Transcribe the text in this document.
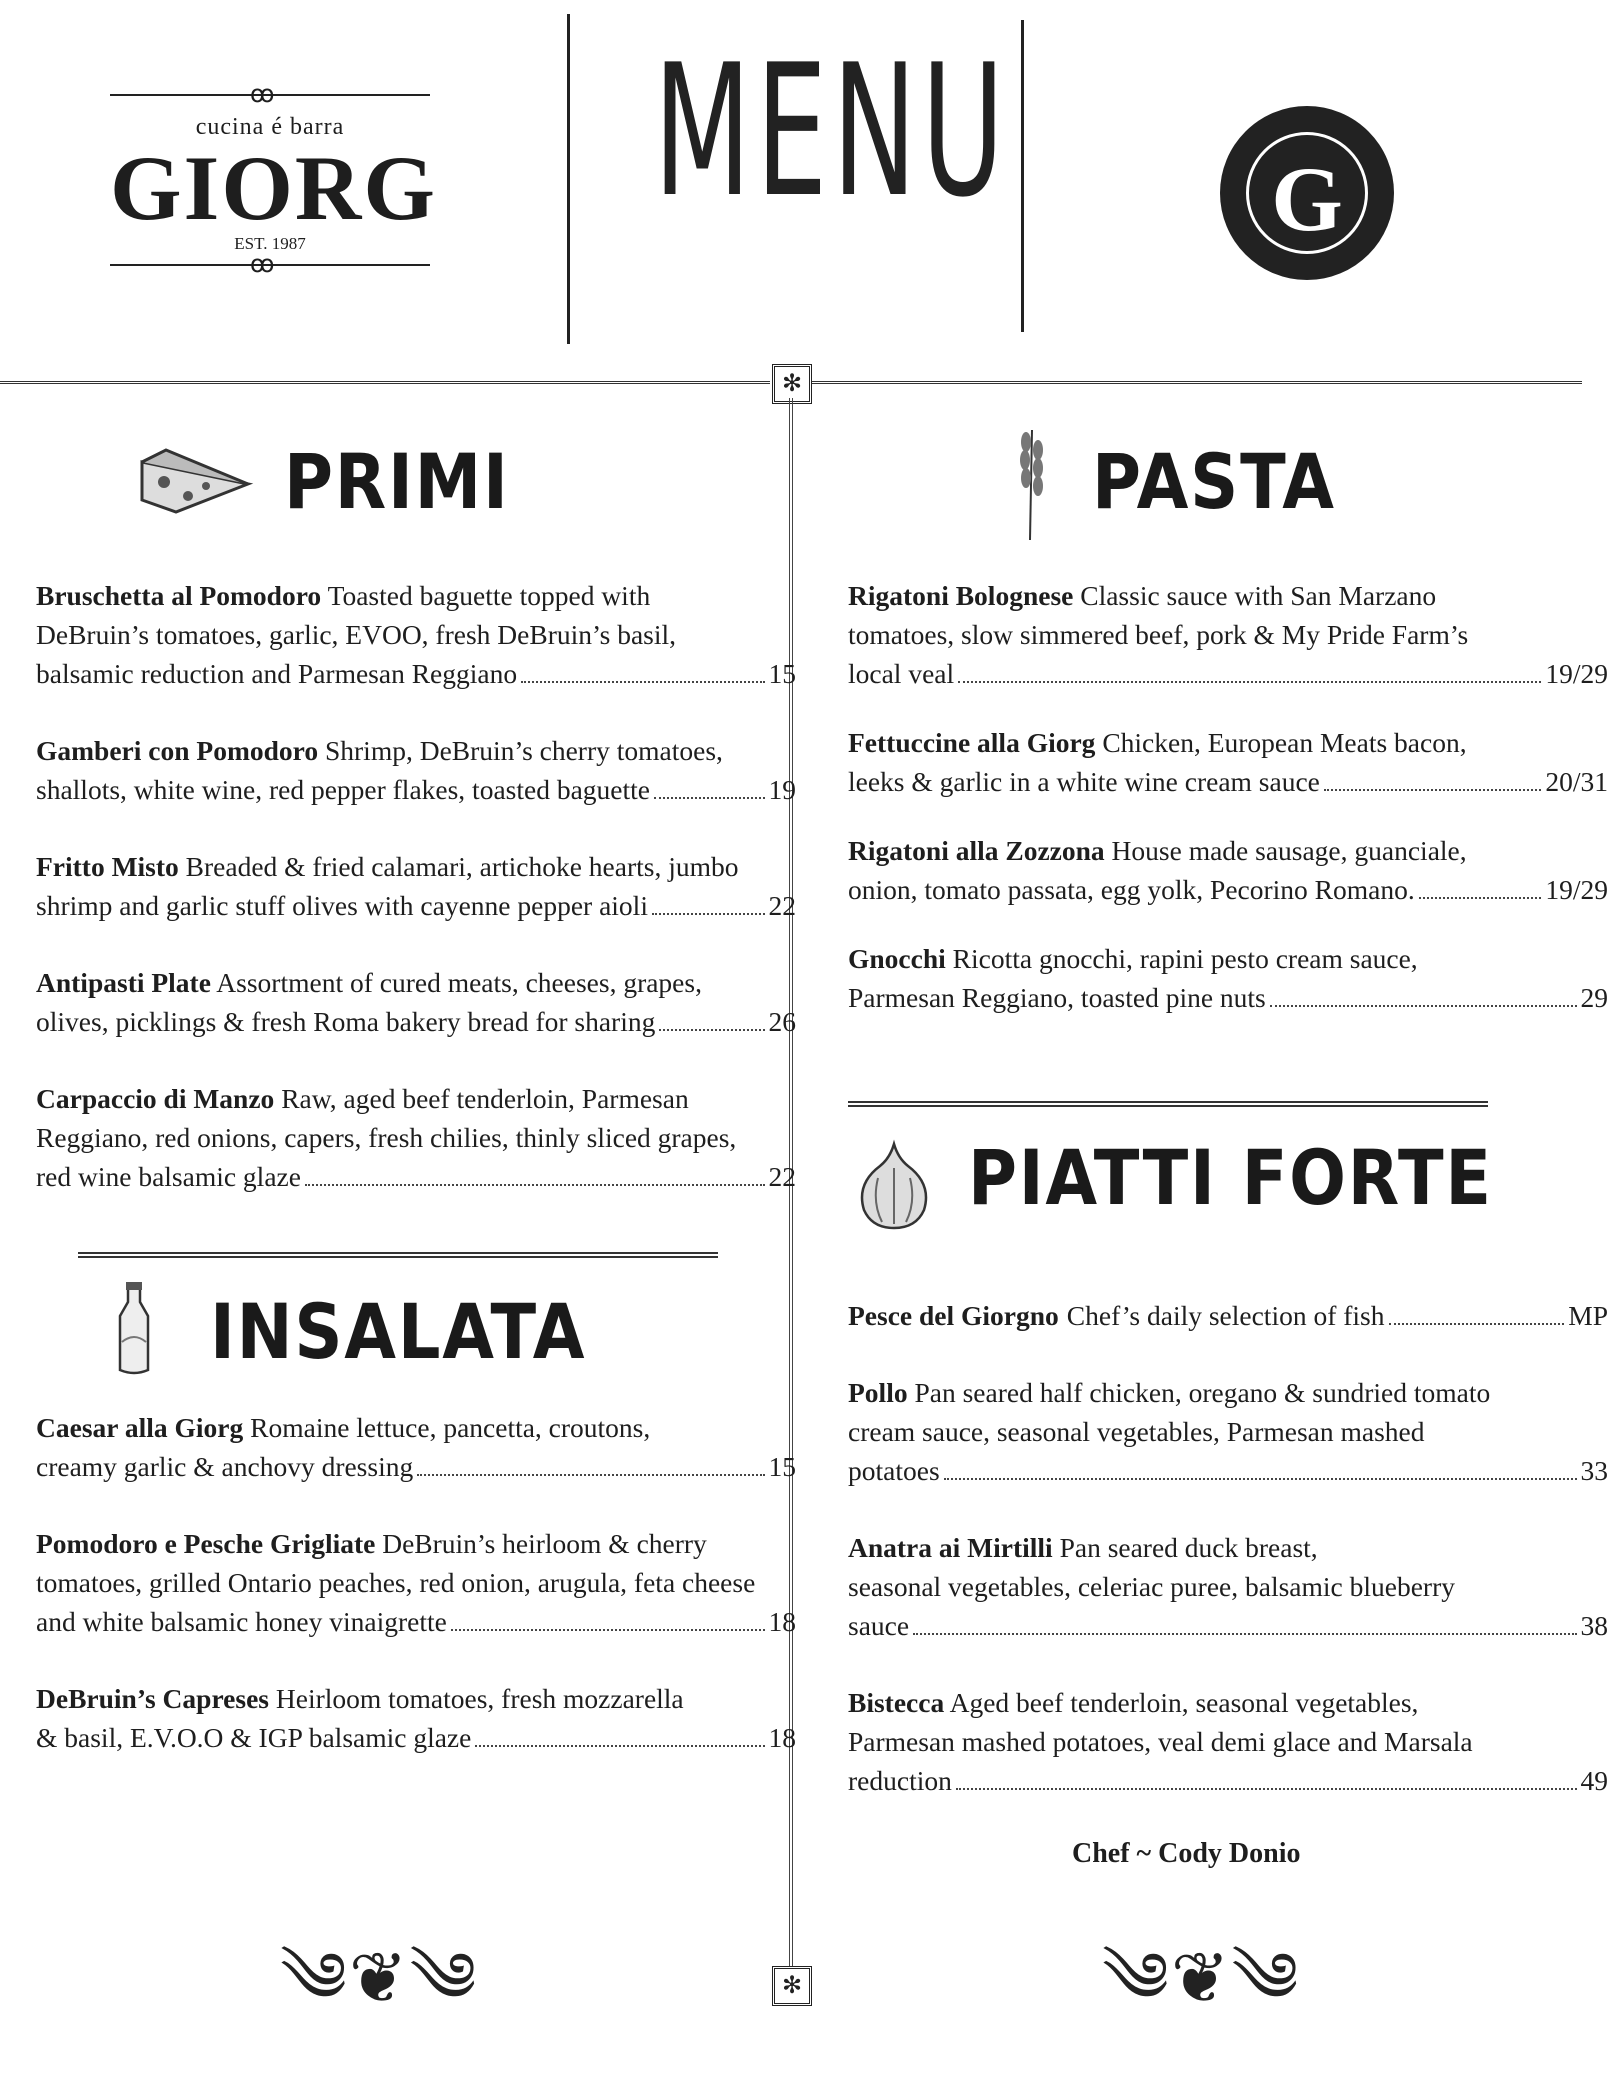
ꝏ
cucina é barra
GIORG
EST. 1987
ꝏ
MENU	G
✻
✻
PRIMI	PASTA
Bruschetta al Pomodoro Toasted baguette topped with
DeBruin’s tomatoes, garlic, EVOO, fresh DeBruin’s basil,
balsamic reduction and Parmesan Reggiano	15
Gamberi con Pomodoro Shrimp, DeBruin’s cherry tomatoes,
shallots, white wine, red pepper flakes, toasted baguette	19
Fritto Misto Breaded & fried calamari, artichoke hearts, jumbo
shrimp and garlic stuff olives with cayenne pepper aioli	22
Antipasti Plate Assortment of cured meats, cheeses, grapes,
olives, picklings & fresh Roma bakery bread for sharing	26
Carpaccio di Manzo Raw, aged beef tenderloin, Parmesan
Reggiano, red onions, capers, fresh chilies, thinly sliced grapes,
red wine balsamic glaze	22
INSALATA
Caesar alla Giorg Romaine lettuce, pancetta, croutons,
creamy garlic & anchovy dressing	15
Pomodoro e Pesche Grigliate DeBruin’s heirloom & cherry
tomatoes, grilled Ontario peaches, red onion, arugula, feta cheese
and white balsamic honey vinaigrette	18
DeBruin’s Capreses Heirloom tomatoes, fresh mozzarella
& basil, E.V.O.O & IGP balsamic glaze	18
Rigatoni Bolognese Classic sauce with San Marzano
tomatoes, slow simmered beef, pork & My Pride Farm’s
local veal	19/29
Fettuccine alla Giorg Chicken, European Meats bacon,
leeks & garlic in a white wine cream sauce	20/31
Rigatoni alla Zozzona House made sausage, guanciale,
onion, tomato passata, egg yolk, Pecorino Romano.	19/29
Gnocchi Ricotta gnocchi, rapini pesto cream sauce,
Parmesan Reggiano, toasted pine nuts	29
PIATTI FORTE
Pesce del Giorgno Chef’s daily selection of fish	MP
Pollo Pan seared half chicken, oregano & sundried tomato
cream sauce, seasonal vegetables, Parmesan mashed
potatoes	33
Anatra ai Mirtilli Pan seared duck breast,
seasonal vegetables, celeriac puree, balsamic blueberry
sauce	38
Bistecca Aged beef tenderloin, seasonal vegetables,
Parmesan mashed potatoes, veal demi glace and Marsala
reduction	49
Chef ~ Cody Donio
༄❦༄	༄❦༄
